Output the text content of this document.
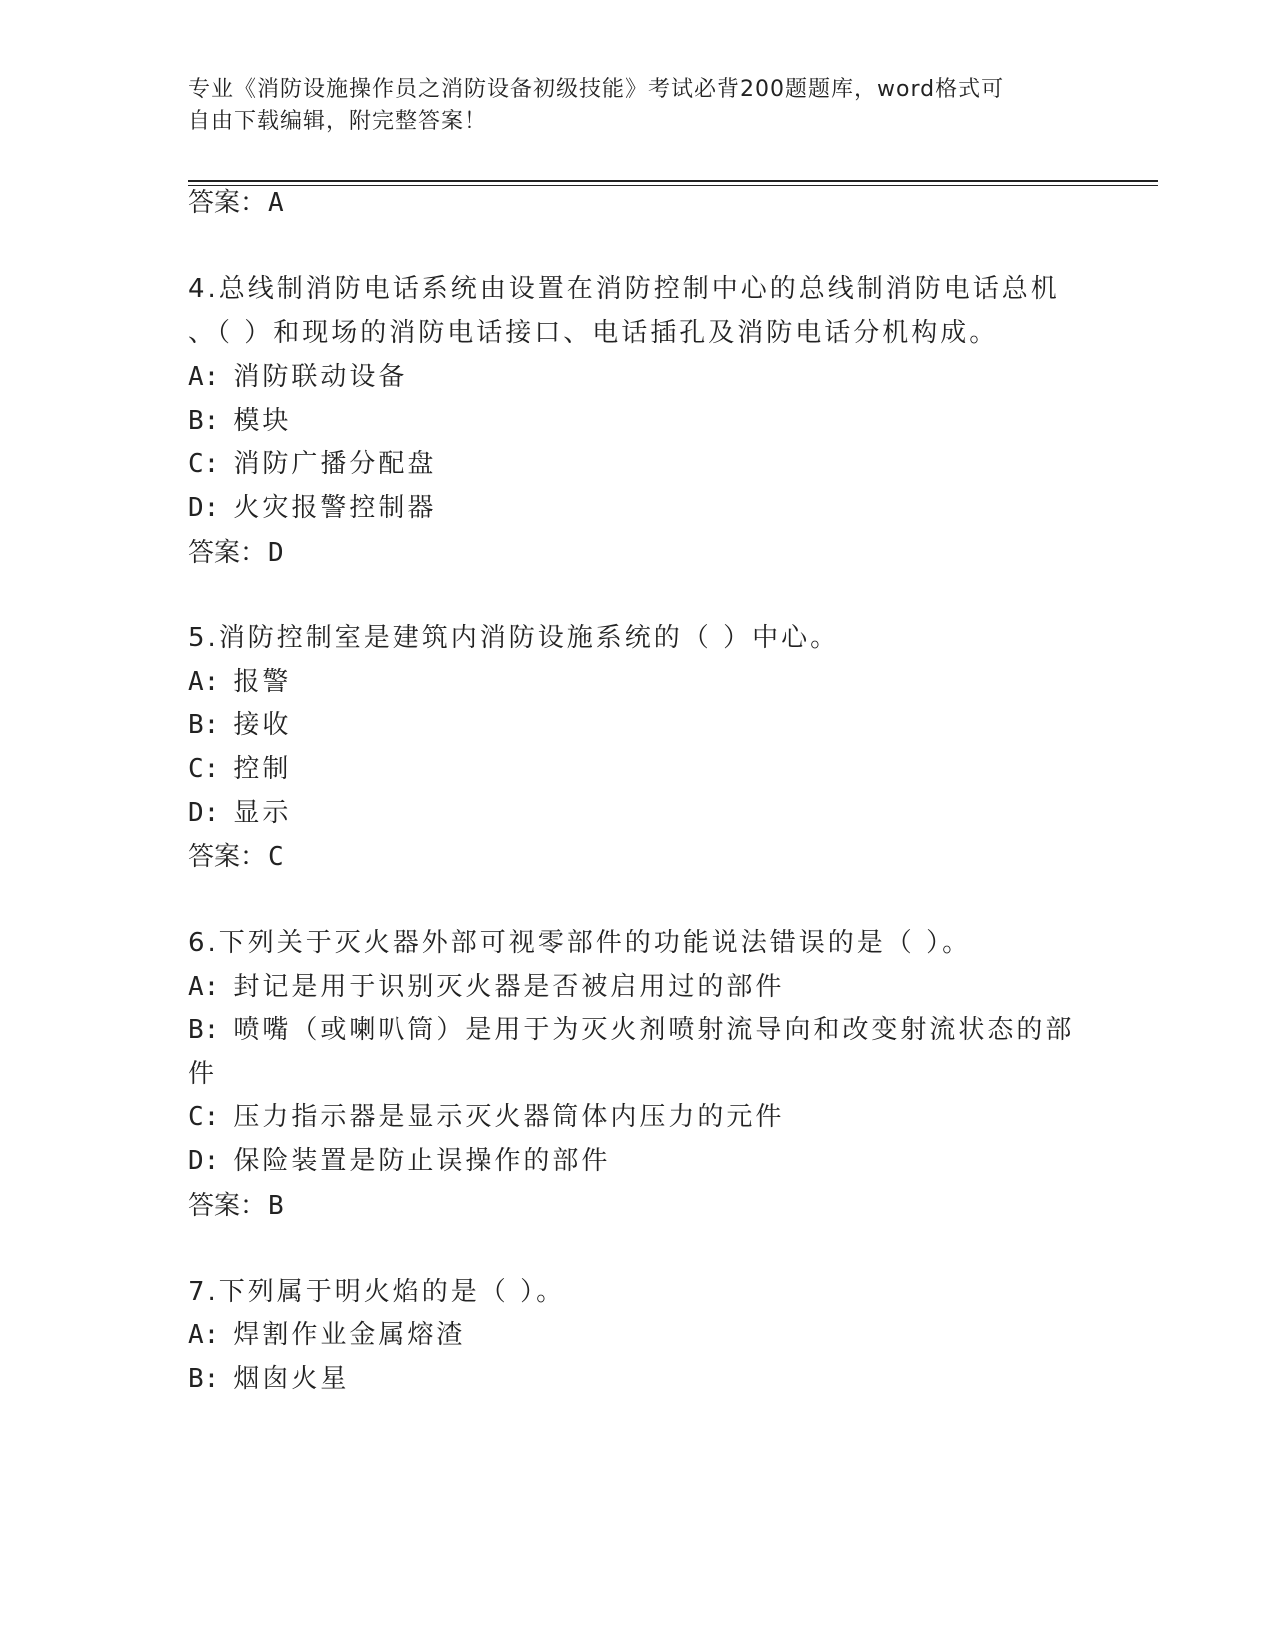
专业《消防设施操作员之消防设备初级技能》考试必背200题题库，word格式可
自由下载编辑，附完整答案！
答案：A
4.总线制消防电话系统由设置在消防控制中心的总线制消防电话总机
、（ ）和现场的消防电话接口、电话插孔及消防电话分机构成。
A: 消防联动设备
B: 模块
C: 消防广播分配盘
D: 火灾报警控制器
答案：D
5.消防控制室是建筑内消防设施系统的（ ）中心。
A: 报警
B: 接收
C: 控制
D: 显示
答案：C
6.下列关于灭火器外部可视零部件的功能说法错误的是（ ）。
A: 封记是用于识别灭火器是否被启用过的部件
B: 喷嘴（或喇叭筒）是用于为灭火剂喷射流导向和改变射流状态的部
件
C: 压力指示器是显示灭火器筒体内压力的元件
D: 保险装置是防止误操作的部件
答案：B
7.下列属于明火焰的是（ ）。
A: 焊割作业金属熔渣
B: 烟囱火星
